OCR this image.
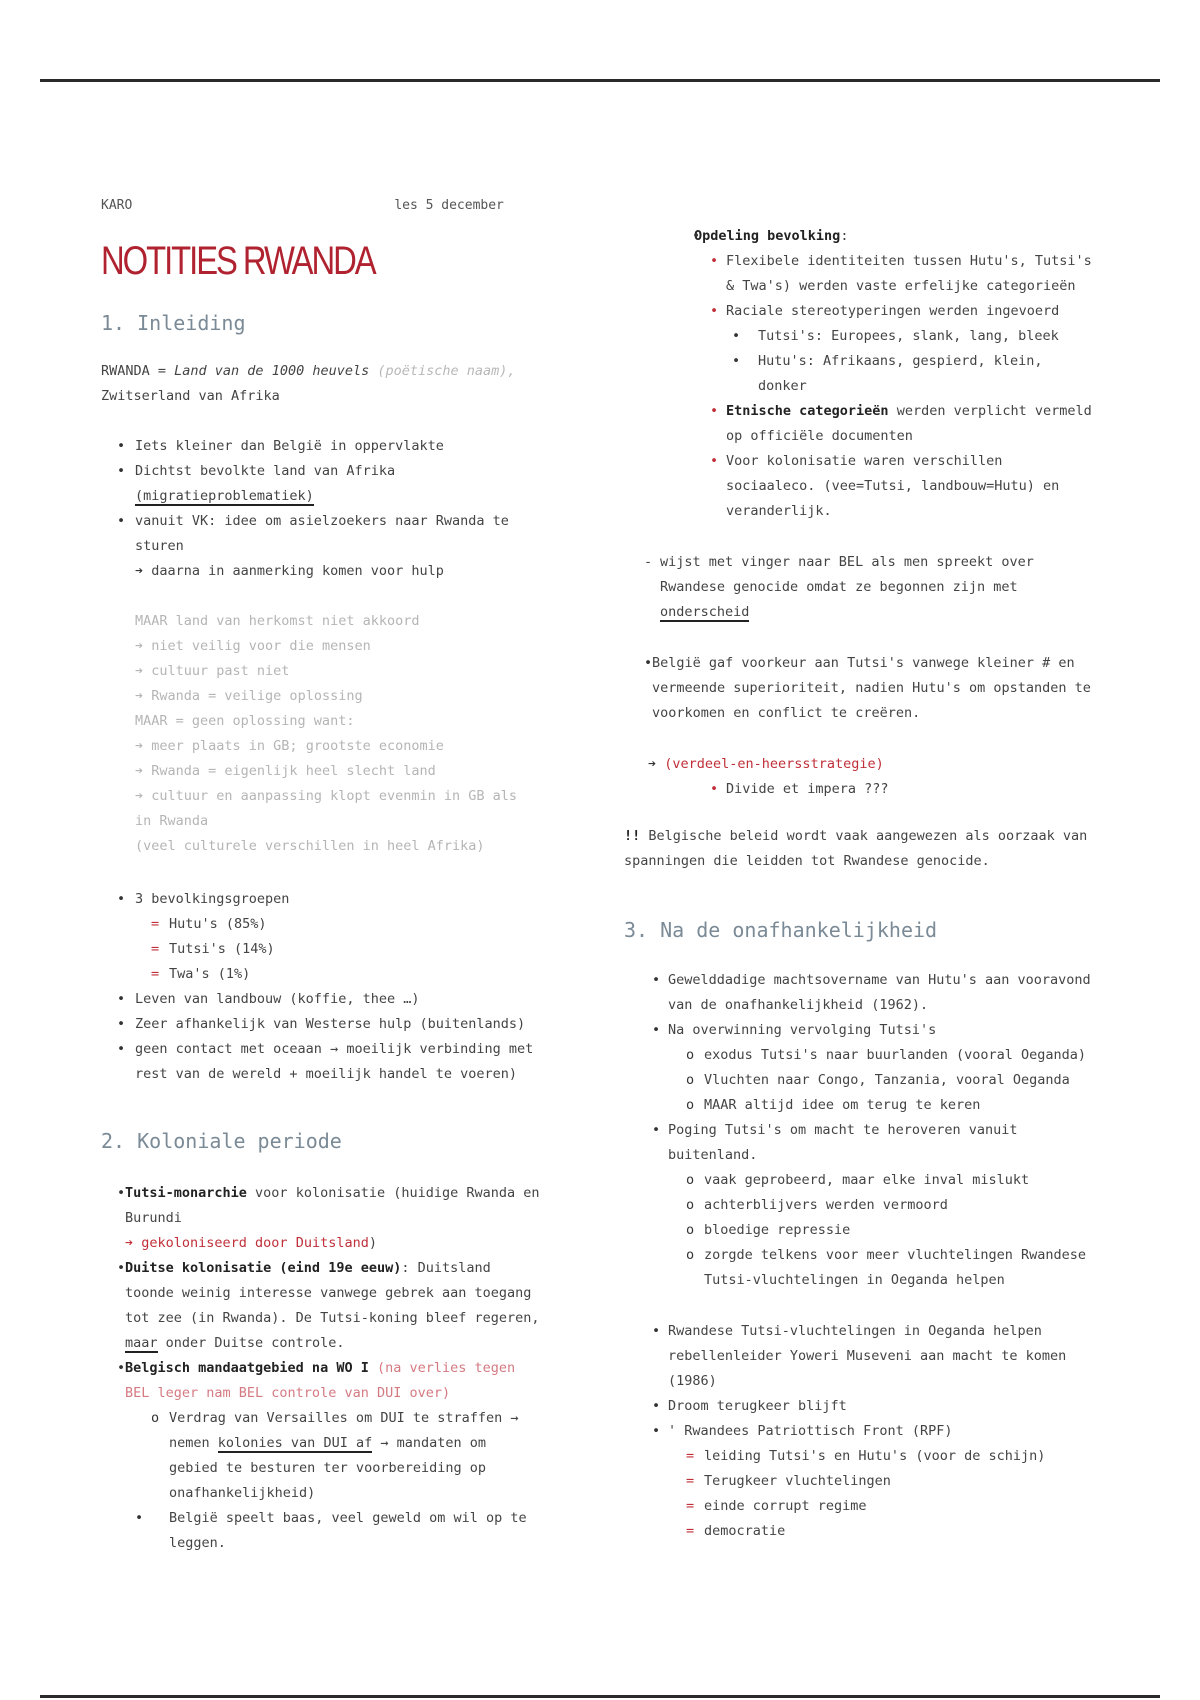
KARO	les 5 december
NOTITIES RWANDA
1. Inleiding

RWANDA = Land van de 1000 heuvels (poëtische naam),
Zwitserland van Afrika

• Iets kleiner dan België in oppervlakte
• Dichtst bevolkte land van Afrika (migratieproblematiek)
• vanuit VK: idee om asielzoekers naar Rwanda te sturen
➔ daarna in aanmerking komen voor hulp

MAAR land van herkomst niet akkoord

➔ niet veilig voor die mensen

➔ cultuur past niet

➔ Rwanda = veilige oplossing

MAAR = geen oplossing want:

➔ meer plaats in GB; grootste economie

➔ Rwanda = eigenlijk heel slecht land

➔ cultuur en aanpassing klopt evenmin in GB als in Rwanda

(veel culturele verschillen in heel Afrika)

• 3 bevolkingsgroepen
= Hutu's (85%)
= Tutsi's (14%)
= Twa's (1%)
• Leven van landbouw (koffie, thee …)
• Zeer afhankelijk van Westerse hulp (buitenlands)
• geen contact met oceaan → moeilijk verbinding met rest van de wereld + moeilijk handel te voeren)
2. Koloniale periode
• Tutsi-monarchie voor kolonisatie (huidige Rwanda en Burundi
➔ gekoloniseerd door Duitsland)
• Duitse kolonisatie (eind 19e eeuw): Duitsland toonde weinig interesse vanwege gebrek aan toegang tot zee (in Rwanda). De Tutsi-koning bleef regeren, maar onder Duitse controle.
• Belgisch mandaatgebied na WO I (na verlies tegen BEL leger nam BEL controle van DUI over)
o Verdrag van Versailles om DUI te straffen → nemen kolonies van DUI af → mandaten om gebied te besturen ter voorbereiding op onafhankelijkheid)
• België speelt baas, veel geweld om wil op te leggen.
• Opdeling bevolking:
• Flexibele identiteiten tussen Hutu's, Tutsi's & Twa's) werden vaste erfelijke categorieën
• Raciale stereotyperingen werden ingevoerd
• Tutsi's: Europees, slank, lang, bleek
• Hutu's: Afrikaans, gespierd, klein, donker
• Etnische categorieën werden verplicht vermeld op officiële documenten
• Voor kolonisatie waren verschillen sociaaleco. (vee=Tutsi, landbouw=Hutu) en veranderlijk.

- wijst met vinger naar BEL als men spreekt over Rwandese genocide omdat ze begonnen zijn met onderscheid

• België gaf voorkeur aan Tutsi's vanwege kleiner # en vermeende superioriteit, nadien Hutu's om opstanden te voorkomen en conflict te creëren.

➔ (verdeel-en-heersstrategie)

• Divide et impera ???

!! Belgische beleid wordt vaak aangewezen als oorzaak van spanningen die leidden tot Rwandese genocide.

3. Na de onafhankelijkheid
• Gewelddadige machtsovername van Hutu's aan vooravond van de onafhankelijkheid (1962).
• Na overwinning vervolging Tutsi's
o exodus Tutsi's naar buurlanden (vooral Oeganda)
o Vluchten naar Congo, Tanzania, vooral Oeganda
o MAAR altijd idee om terug te keren
• Poging Tutsi's om macht te heroveren vanuit buitenland.
o vaak geprobeerd, maar elke inval mislukt
o achterblijvers werden vermoord
o bloedige repressie
o zorgde telkens voor meer vluchtelingen Rwandese Tutsi-vluchtelingen in Oeganda helpen
• Rwandese Tutsi-vluchtelingen in Oeganda helpen rebellenleider Yoweri Museveni aan macht te komen (1986)
• Droom terugkeer blijft
• ' Rwandees Patriottisch Front (RPF)
= leiding Tutsi's en Hutu's (voor de schijn)
= Terugkeer vluchtelingen
= einde corrupt regime
= democratie
